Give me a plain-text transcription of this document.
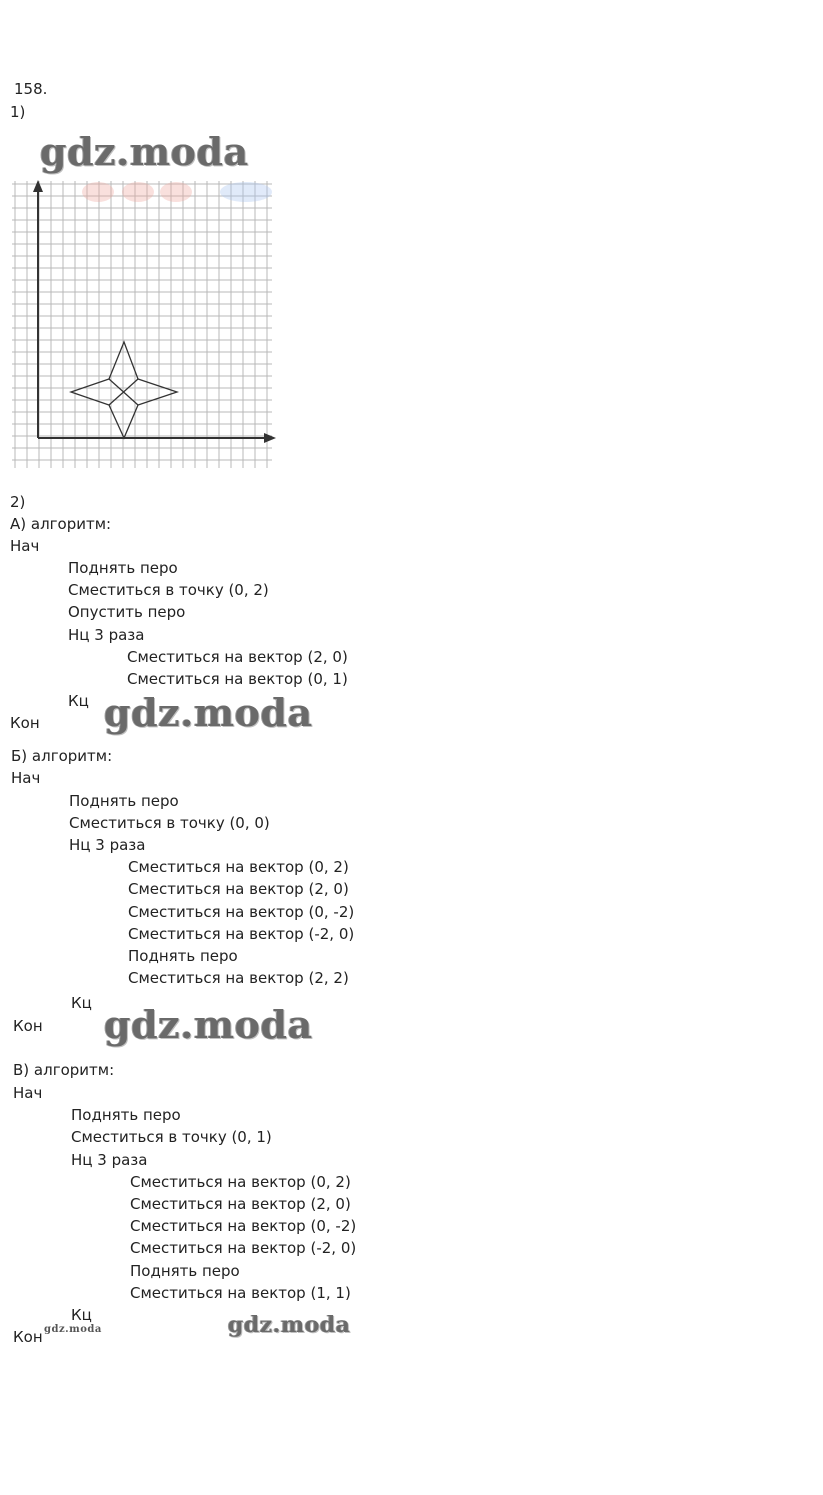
158.
1)
gdz.moda
2)
А) алгоритм:
Нач
Поднять перо
Сместиться в точку (0, 2)
Опустить перо
Нц 3 раза
Сместиться на вектор (2, 0)
Сместиться на вектор (0, 1)
Кц
Кон gdz.moda
Б) алгоритм:
Нач
Поднять перо
Сместиться в точку (0, 0)
Нц 3 раза
Сместиться на вектор (0, 2)
Сместиться на вектор (2, 0)
Сместиться на вектор (0, -2)
Сместиться на вектор (-2, 0)
Поднять перо
Сместиться на вектор (2, 2)
Кц
Кон gdz.moda
В) алгоритм:
Нач
Поднять перо
Сместиться в точку (0, 1)
Нц 3 раза
Сместиться на вектор (0, 2)
Сместиться на вектор (2, 0)
Сместиться на вектор (0, -2)
Сместиться на вектор (-2, 0)
Поднять перо
Сместиться на вектор (1, 1)
Кц
Кон gdz.moda	gdz.moda
